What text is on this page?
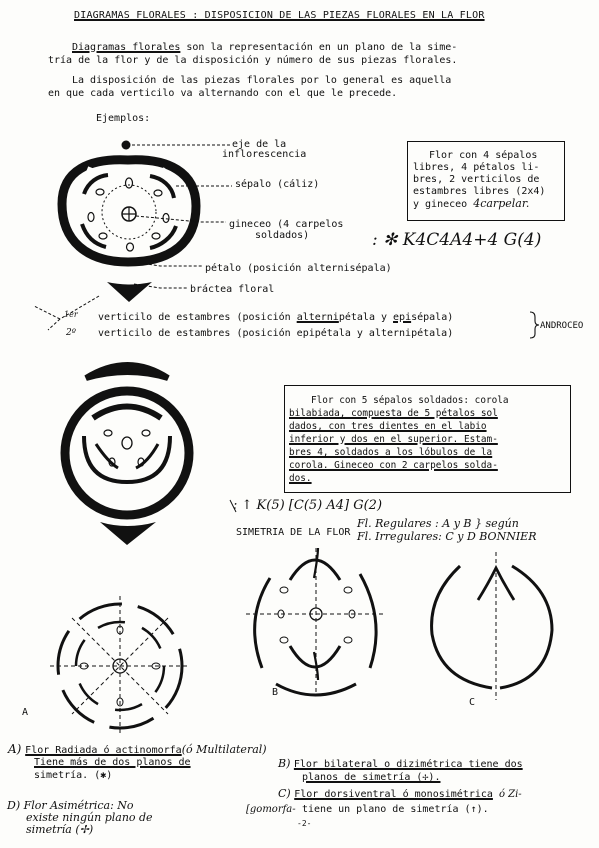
DIAGRAMAS FLORALES : DISPOSICION DE LAS PIEZAS FLORALES EN LA FLOR
Diagramas florales son la representación en un plano de la sime-
tría de la flor y de la disposición y número de sus piezas florales.
La disposición de las piezas florales por lo general es aquella
en que cada verticilo va alternando con el que le precede.
Ejemplos:
eje de la
inflorescencia
sépalo (cáliz)
gineceo (4 carpelos
soldados)
pétalo (posición alternisépala)
bráctea floral
Flor con 4 sépalos
libres, 4 pétalos li-
bres, 2 verticilos de
estambres libres (2x4)
y gineceo 4carpelar.
: ✻ K4C4A4+4 G(4)
1er
2º
verticilo de estambres (posición alternipétala y episépala)
verticilo de estambres (posición epipétala y alternipétala)
ANDROCEO
Flor con 5 sépalos soldados: corola
bilabiada, compuesta de 5 pétalos sol
dados, con tres dientes en el labio
inferior y dos en el superior. Estam-
bres 4, soldados a los lóbulos de la
corola. Gineceo con 2 carpelos solda-
dos.
: ↑ K(5) [C(5) A4] G(2)
SIMETRIA DE LA FLOR
Fl. Regulares : A y B } según
Fl. Irregulares: C y D BONNIER
A
B
C
A) Flor Radiada ó actinomorfa(ó Multilateral)
Tiene más de dos planos de
simetría. (✱)
B) Flor bilateral o dizimétrica tiene dos
planos de simetría (✢).
C) Flor dorsiventral ó monosimétrica ó Zi-
[gomorfa- tiene un plano de simetría (↑).
-2-
D) Flor Asimétrica: No
existe ningún plano de
simetría (✢)
